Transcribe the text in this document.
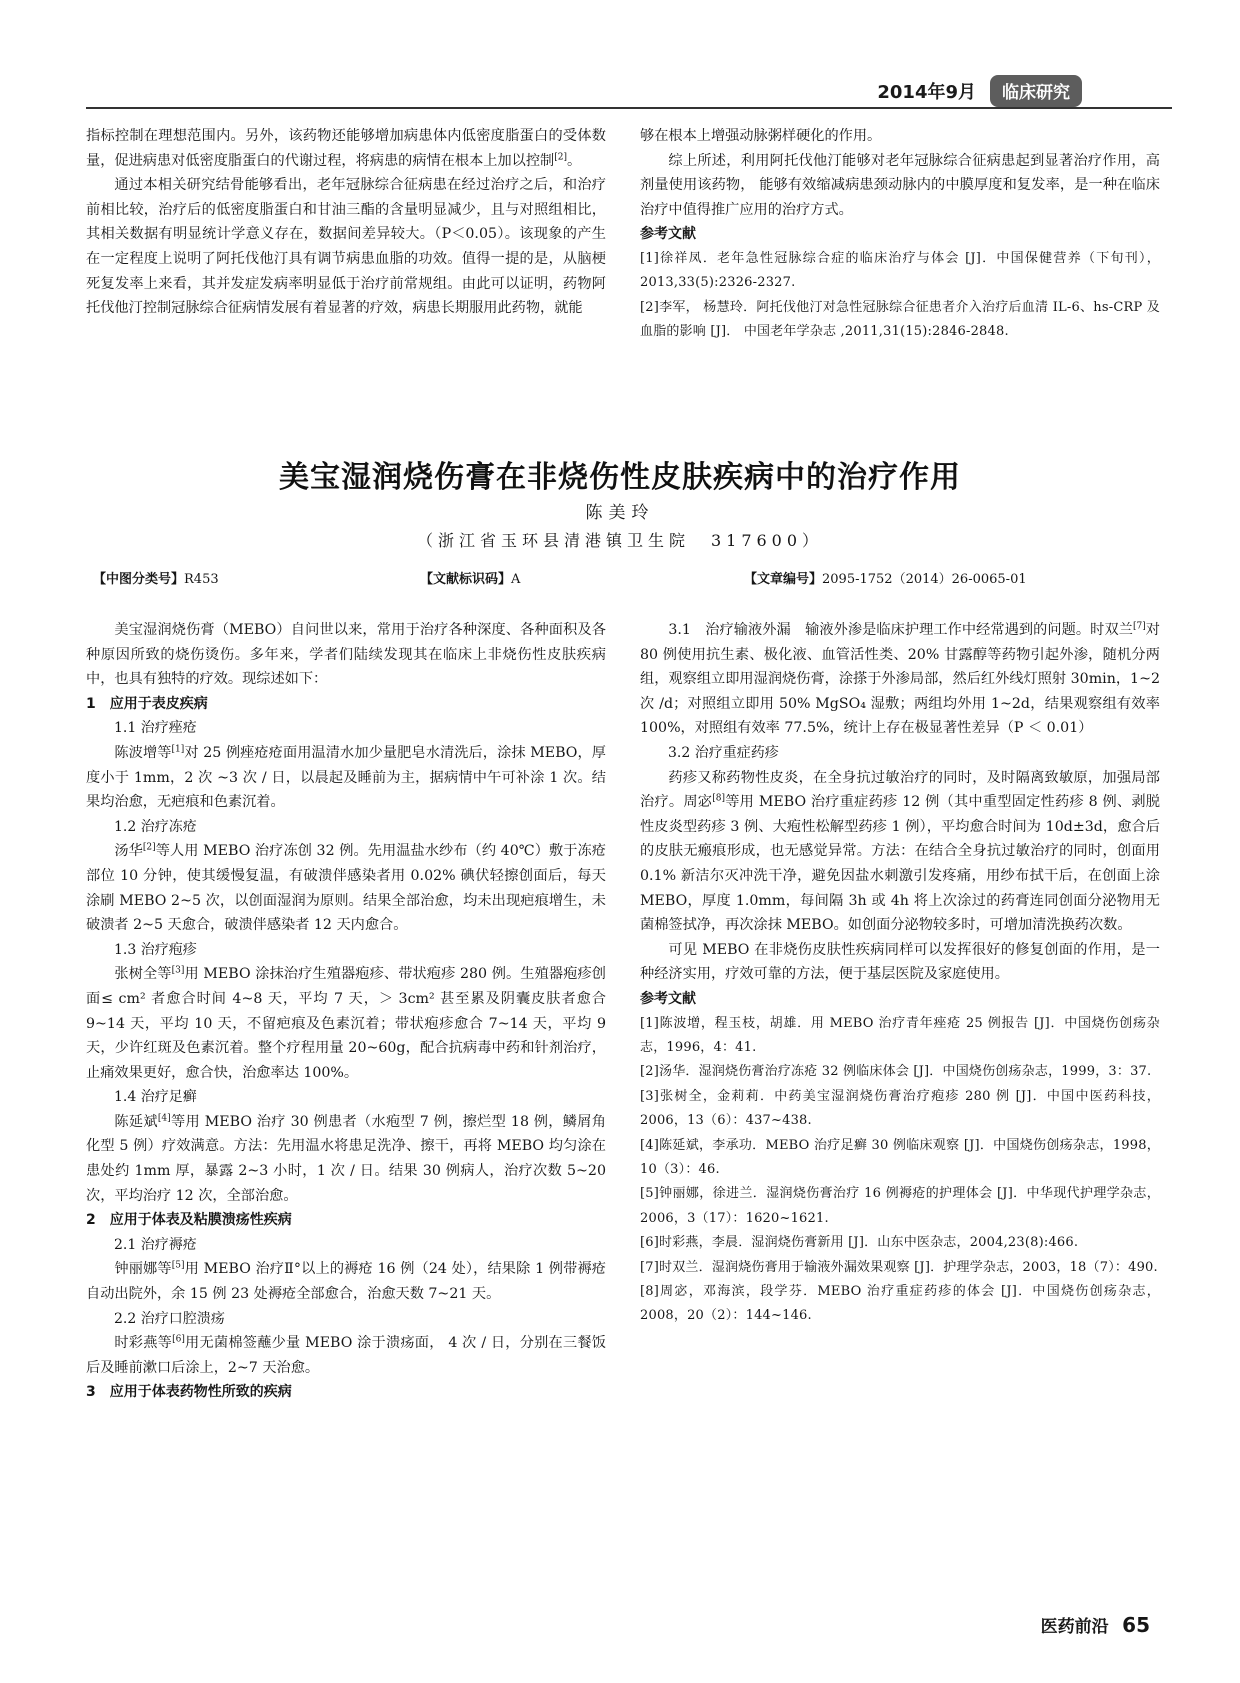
2014年9月	临床研究

指标控制在理想范围内。另外，该药物还能够增加病患体内低密度脂蛋白的受体数量，促进病患对低密度脂蛋白的代谢过程，将病患的病情在根本上加以控制[2]。

通过本相关研究结骨能够看出，老年冠脉综合征病患在经过治疗之后，和治疗前相比较，治疗后的低密度脂蛋白和甘油三酯的含量明显减少，且与对照组相比，其相关数据有明显统计学意义存在，数据间差异较大。（P＜0.05）。该现象的产生在一定程度上说明了阿托伐他汀具有调节病患血脂的功效。值得一提的是，从脑梗死复发率上来看，其并发症发病率明显低于治疗前常规组。由此可以证明，药物阿托伐他汀控制冠脉综合征病情发展有着显著的疗效，病患长期服用此药物，就能

够在根本上增强动脉粥样硬化的作用。

综上所述，利用阿托伐他汀能够对老年冠脉综合征病患起到显著治疗作用，高剂量使用该药物， 能够有效缩减病患颈动脉内的中膜厚度和复发率，是一种在临床治疗中值得推广应用的治疗方式。

参考文献

[1]徐祥凤．老年急性冠脉综合症的临床治疗与体会 [J]．中国保健营养（下旬刊），2013,33(5):2326-2327.

[2]李军， 杨慧玲．阿托伐他汀对急性冠脉综合征患者介入治疗后血清 IL-6、hs-CRP 及血脂的影响 [J]． 中国老年学杂志 ,2011,31(15):2846-2848.

美宝湿润烧伤膏在非烧伤性皮肤疾病中的治疗作用
陈美玲
（浙江省玉环县清港镇卫生院　317600）
【中图分类号】R453	【文献标识码】A	【文章编号】2095-1752（2014）26-0065-01

美宝湿润烧伤膏（MEBO）自问世以来，常用于治疗各种深度、各种面积及各种原因所致的烧伤烫伤。多年来，学者们陆续发现其在临床上非烧伤性皮肤疾病中，也具有独特的疗效。现综述如下：

1　应用于表皮疾病

1.1 治疗痤疮

陈波增等[1]对 25 例痤疮疮面用温清水加少量肥皂水清洗后，涂抹 MEBO，厚度小于 1mm，2 次 ~3 次 / 日，以晨起及睡前为主，据病情中午可补涂 1 次。结果均治愈，无疤痕和色素沉着。

1.2 治疗冻疮

汤华[2]等人用 MEBO 治疗冻创 32 例。先用温盐水纱布（约 40℃）敷于冻疮部位 10 分钟，使其缓慢复温，有破溃伴感染者用 0.02% 碘伏轻擦创面后，每天涂刷 MEBO 2~5 次，以创面湿润为原则。结果全部治愈，均未出现疤痕增生，未破溃者 2~5 天愈合，破溃伴感染者 12 天内愈合。

1.3 治疗疱疹

张树全等[3]用 MEBO 涂抹治疗生殖器疱疹、带状疱疹 280 例。生殖器疱疹创面≤ cm² 者愈合时间 4~8 天，平均 7 天，＞ 3cm² 甚至累及阴囊皮肤者愈合 9~14 天，平均 10 天，不留疤痕及色素沉着；带状疱疹愈合 7~14 天，平均 9 天，少许红斑及色素沉着。整个疗程用量 20~60g，配合抗病毒中药和针剂治疗，止痛效果更好，愈合快，治愈率达 100%。

1.4 治疗足癣

陈延斌[4]等用 MEBO 治疗 30 例患者（水疱型 7 例，擦烂型 18 例，鳞屑角化型 5 例）疗效满意。方法：先用温水将患足洗净、擦干，再将 MEBO 均匀涂在患处约 1mm 厚，暴露 2~3 小时，1 次 / 日。结果 30 例病人，治疗次数 5~20 次，平均治疗 12 次，全部治愈。

2　应用于体表及粘膜溃疡性疾病

2.1 治疗褥疮

钟丽娜等[5]用 MEBO 治疗Ⅱ°以上的褥疮 16 例（24 处），结果除 1 例带褥疮自动出院外，余 15 例 23 处褥疮全部愈合，治愈天数 7~21 天。

2.2 治疗口腔溃疡

时彩燕等[6]用无菌棉签蘸少量 MEBO 涂于溃疡面， 4 次 / 日，分别在三餐饭后及睡前漱口后涂上，2~7 天治愈。

3　应用于体表药物性所致的疾病

3.1　治疗输液外漏　 输液外渗是临床护理工作中经常遇到的问题。时双兰[7]对 80 例使用抗生素、极化液、血管活性类、20% 甘露醇等药物引起外渗，随机分两组，观察组立即用湿润烧伤膏，涂搽于外渗局部，然后红外线灯照射 30min，1~2 次 /d；对照组立即用 50% MgSO₄ 湿敷；两组均外用 1~2d，结果观察组有效率 100%，对照组有效率 77.5%，统计上存在极显著性差异（P ＜ 0.01）

3.2 治疗重症药疹

药疹又称药物性皮炎，在全身抗过敏治疗的同时，及时隔离致敏原，加强局部治疗。周宓[8]等用 MEBO 治疗重症药疹 12 例（其中重型固定性药疹 8 例、剥脱性皮炎型药疹 3 例、大疱性松解型药疹 1 例），平均愈合时间为 10d±3d，愈合后的皮肤无瘢痕形成，也无感觉异常。方法：在结合全身抗过敏治疗的同时，创面用 0.1% 新洁尔灭冲洗干净，避免因盐水刺激引发疼痛，用纱布拭干后，在创面上涂 MEBO，厚度 1.0mm，每间隔 3h 或 4h 将上次涂过的药膏连同创面分泌物用无菌棉签拭净，再次涂抹 MEBO。如创面分泌物较多时，可增加清洗换药次数。

可见 MEBO 在非烧伤皮肤性疾病同样可以发挥很好的修复创面的作用，是一种经济实用，疗效可靠的方法，便于基层医院及家庭使用。

参考文献

[1]陈波增，程玉枝，胡雄．用 MEBO 治疗青年痤疮 25 例报告 [J]．中国烧伤创疡杂志，1996，4：41.

[2]汤华．湿润烧伤膏治疗冻疮 32 例临床体会 [J]．中国烧伤创疡杂志，1999，3：37.

[3]张树全，金莉莉．中药美宝湿润烧伤膏治疗疱疹 280 例 [J]．中国中医药科技，2006，13（6）：437~438.

[4]陈延斌，李承功．MEBO 治疗足癣 30 例临床观察 [J]．中国烧伤创疡杂志，1998，10（3）：46.

[5]钟丽娜，徐进兰．湿润烧伤膏治疗 16 例褥疮的护理体会 [J]．中华现代护理学杂志，2006，3（17）：1620~1621.

[6]时彩燕，李晨．湿润烧伤膏新用 [J]．山东中医杂志，2004,23(8):466.

[7]时双兰．湿润烧伤膏用于输液外漏效果观察 [J]．护理学杂志，2003，18（7）：490.

[8]周宓，邓海滨，段学芬．MEBO 治疗重症药疹的体会 [J]．中国烧伤创疡杂志，2008，20（2）：144~146.

医药前沿 65
